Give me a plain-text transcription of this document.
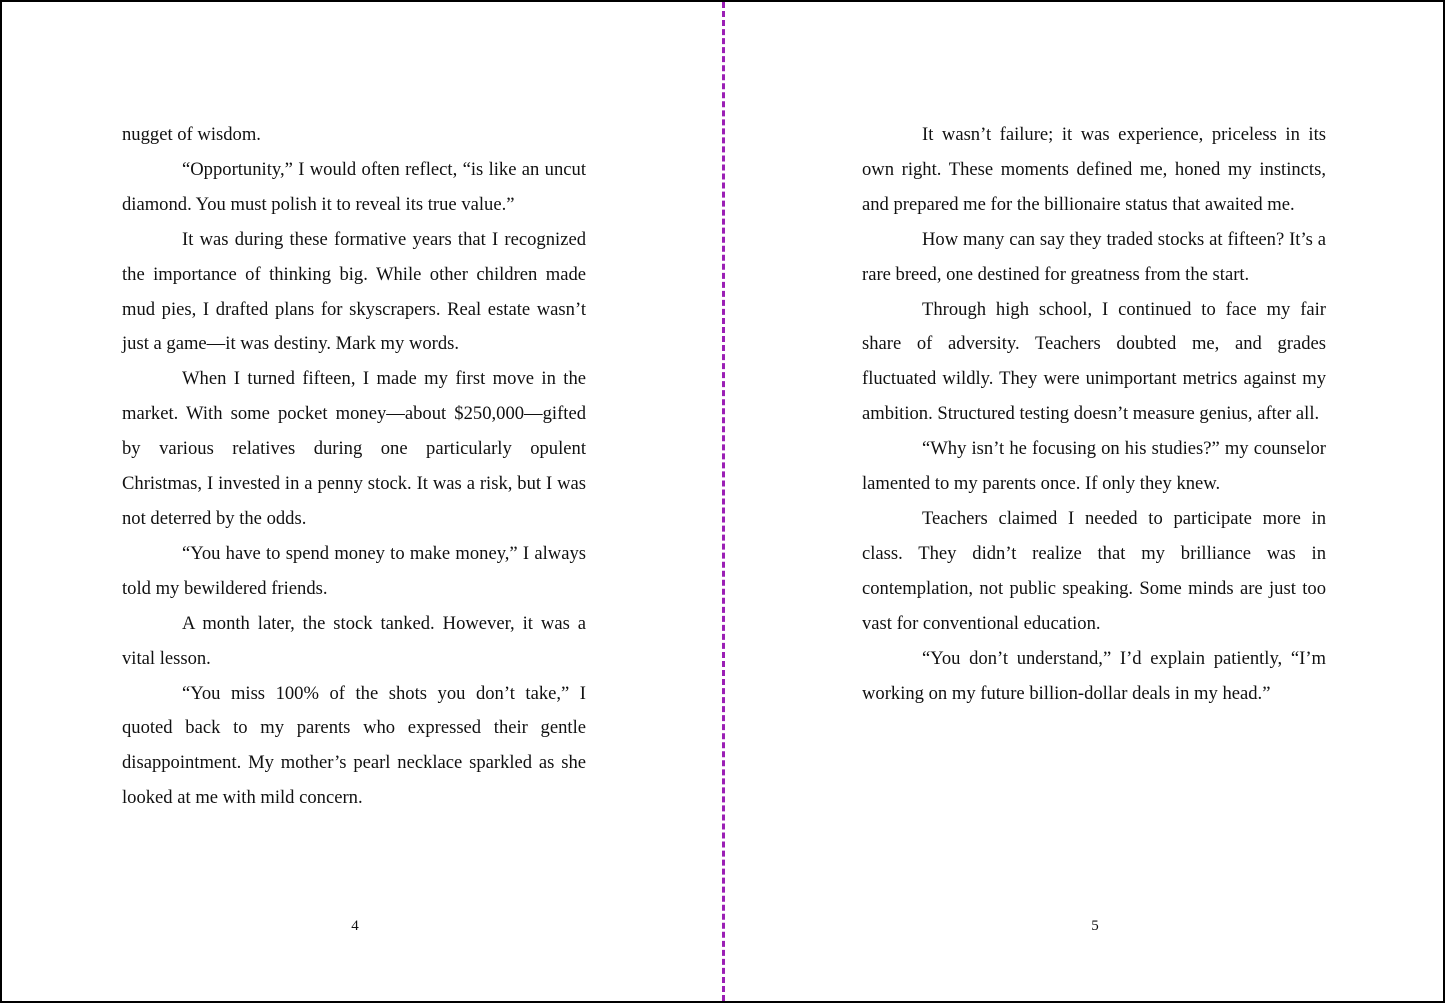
nugget of wisdom.

“Opportunity,” I would often reflect, “is like an uncut diamond. You must polish it to reveal its true value.”

It was during these formative years that I recognized the importance of thinking big. While other children made mud pies, I drafted plans for skyscrapers. Real estate wasn’t just a game—it was destiny. Mark my words.

When I turned fifteen, I made my first move in the market. With some pocket money—about $250,000—gifted by various relatives during one particularly opulent Christmas, I invested in a penny stock. It was a risk, but I was not deterred by the odds.

“You have to spend money to make money,” I always told my bewildered friends.

A month later, the stock tanked. However, it was a vital lesson.

“You miss 100% of the shots you don’t take,” I quoted back to my parents who expressed their gentle disappointment. My mother’s pearl necklace sparkled as she looked at me with mild concern.

It wasn’t failure; it was experience, priceless in its own right. These moments defined me, honed my instincts, and prepared me for the billionaire status that awaited me.

How many can say they traded stocks at fifteen? It’s a rare breed, one destined for greatness from the start.

Through high school, I continued to face my fair share of adversity. Teachers doubted me, and grades fluctuated wildly. They were unimportant metrics against my ambition. Structured testing doesn’t measure genius, after all.

“Why isn’t he focusing on his studies?” my counselor lamented to my parents once. If only they knew.

Teachers claimed I needed to participate more in class. They didn’t realize that my brilliance was in contemplation, not public speaking. Some minds are just too vast for conventional education.

“You don’t understand,” I’d explain patiently, “I’m working on my future billion-dollar deals in my head.”

4	5
